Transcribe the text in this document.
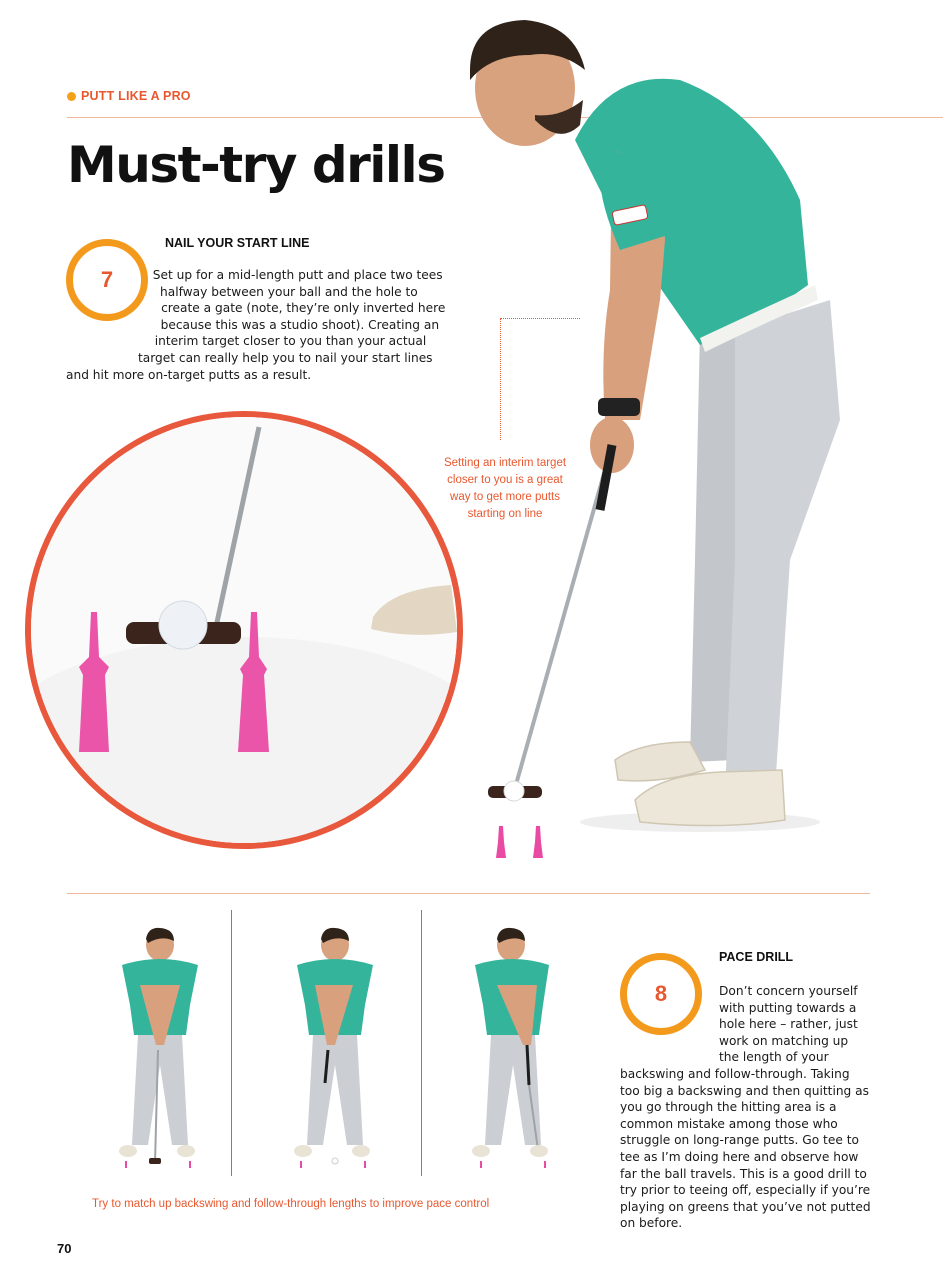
PUTT LIKE A PRO
Must-try drills
7
NAIL YOUR START LINE

Set up for a mid-length putt and place two tees halfway between your ball and the hole to create a gate (note, they’re only inverted here because this was a studio shoot). Creating an interim target closer to you than your actual target can really help you to nail your start lines and hit more on-target putts as a result.

Setting an interim target closer to you is a great way to get more putts starting on line
PACE DRILL
8	Don’t concern yourself with putting towards a hole here – rather, just work on matching up the length of your backswing and follow-through. Taking too big a backswing and then quitting as you go through the hitting area is a common mistake among those who struggle on long-range putts. Go tee to tee as I’m doing here and observe how far the ball travels. This is a good drill to try prior to teeing off, especially if you’re playing on greens that you’ve not putted on before.

Try to match up backswing and follow-through lengths to improve pace control
70
